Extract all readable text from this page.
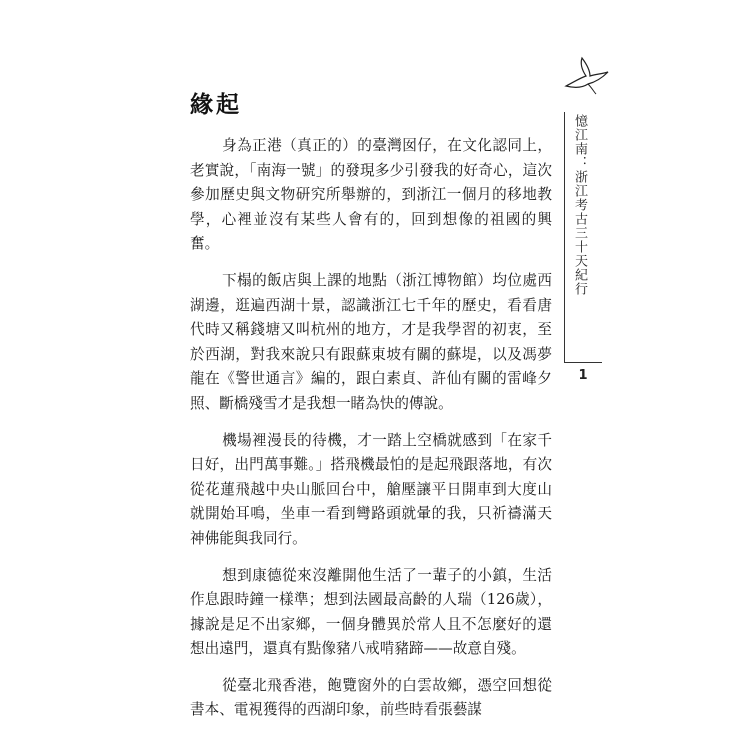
憶江南：浙江考古三十天紀行
1
緣起

身為正港（真正的）的臺灣囡仔，在文化認同上，老實說，「南海一號」的發現多少引發我的好奇心，這次參加歷史與文物研究所舉辦的，到浙江一個月的移地教學，心裡並沒有某些人會有的，回到想像的祖國的興奮。

下榻的飯店與上課的地點（浙江博物館）均位處西湖邊，逛遍西湖十景，認識浙江七千年的歷史，看看唐代時又稱錢塘又叫杭州的地方，才是我學習的初衷，至於西湖，對我來說只有跟蘇東坡有關的蘇堤，以及馮夢龍在《警世通言》編的，跟白素貞、許仙有關的雷峰夕照、斷橋殘雪才是我想一睹為快的傳說。

機場裡漫長的待機，才一踏上空橋就感到「在家千日好，出門萬事難。」搭飛機最怕的是起飛跟落地，有次從花蓮飛越中央山脈回台中，艙壓讓平日開車到大度山就開始耳鳴，坐車一看到彎路頭就暈的我，只祈禱滿天神佛能與我同行。

想到康德從來沒離開他生活了一輩子的小鎮，生活作息跟時鐘一樣準；想到法國最高齡的人瑞（126歲），據說是足不出家鄉，一個身體異於常人且不怎麼好的還想出遠門，還真有點像豬八戒啃豬蹄——故意自殘。

從臺北飛香港，飽覽窗外的白雲故鄉，憑空回想從書本、電視獲得的西湖印象，前些時看張藝謀
